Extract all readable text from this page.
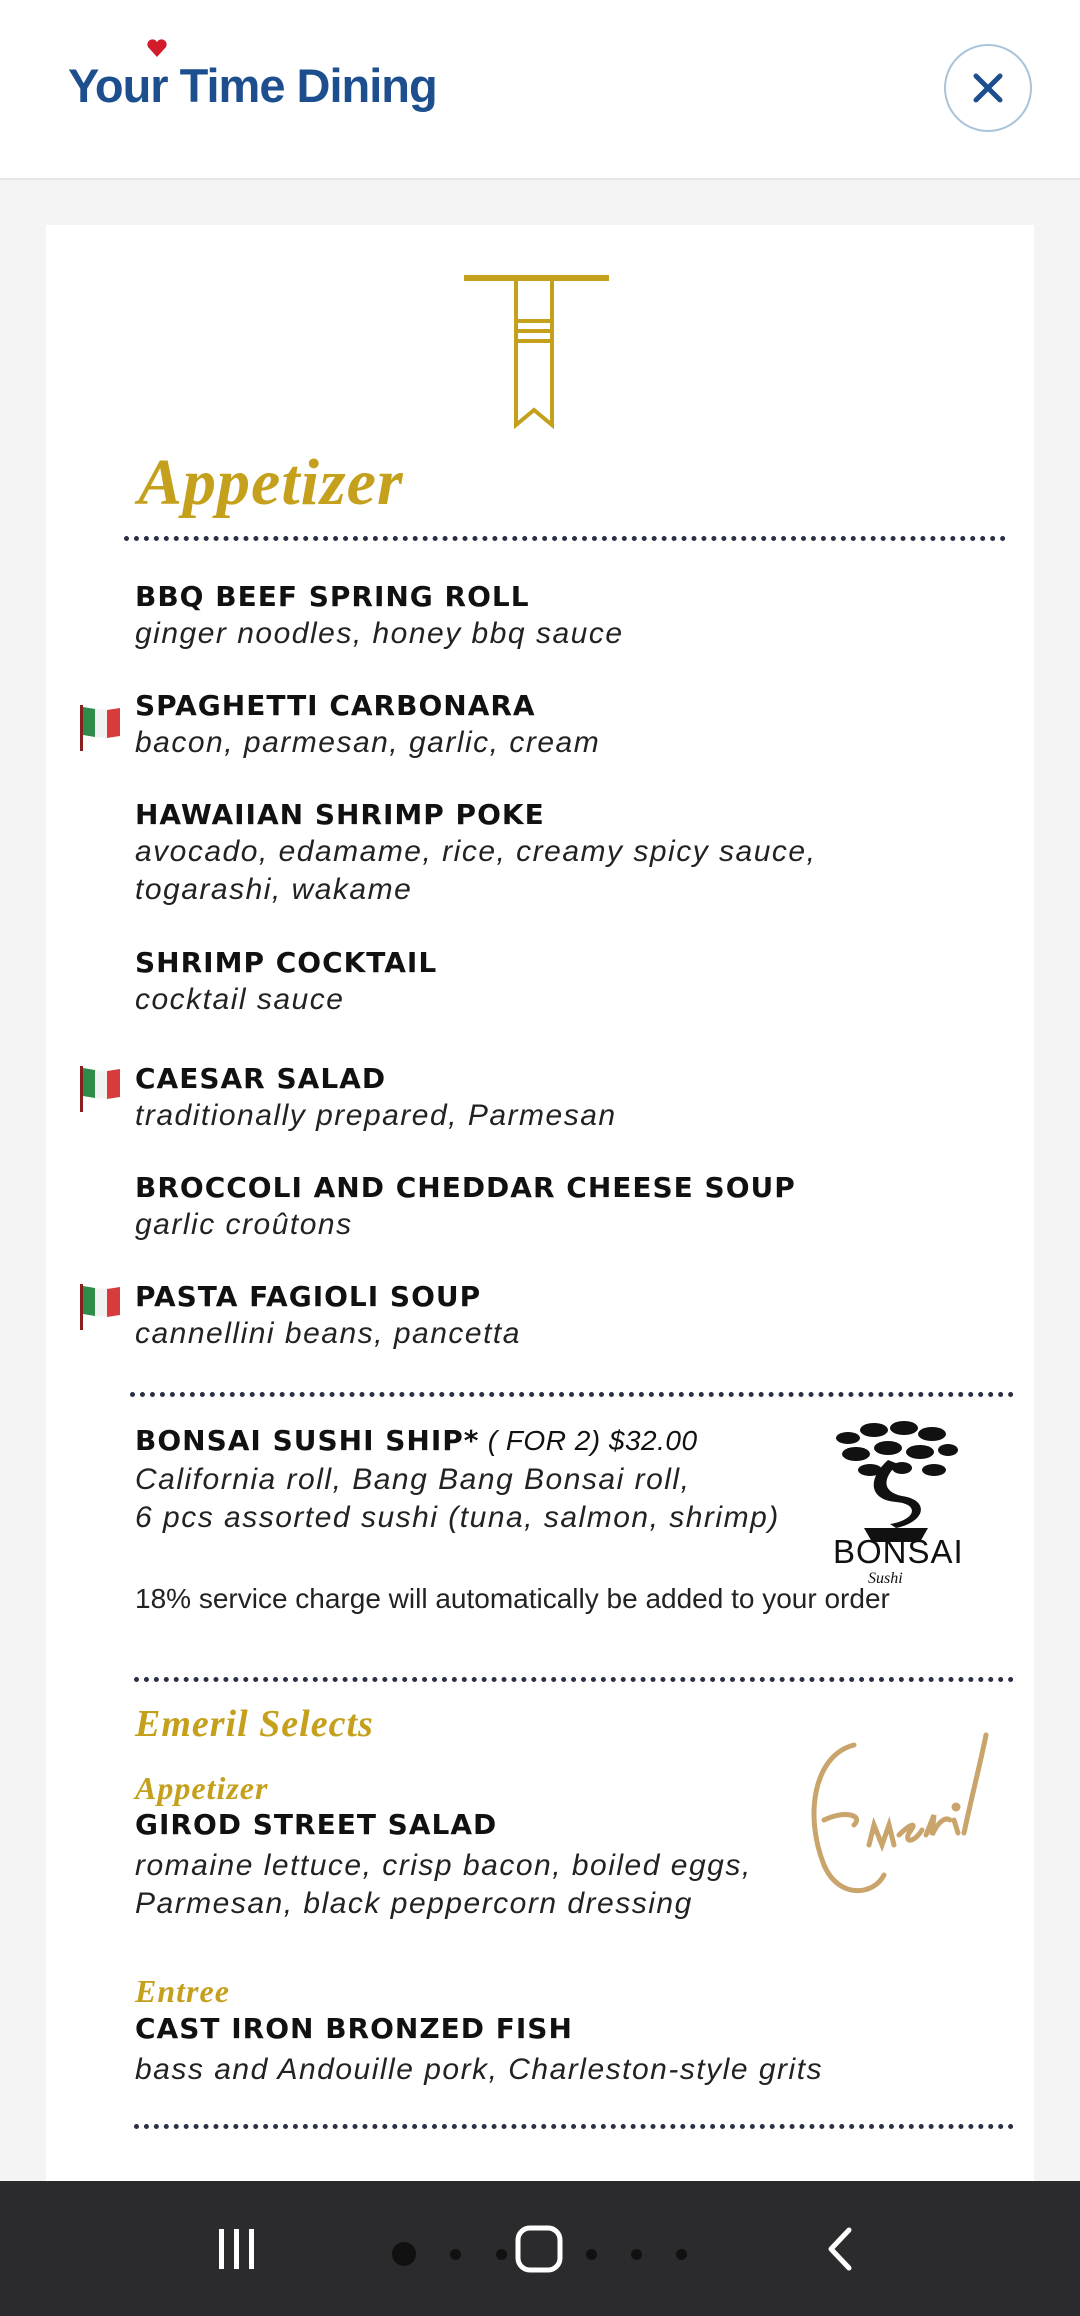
Your Time Dining
Appetizer
BBQ BEEF SPRING ROLL
ginger noodles, honey bbq sauce
SPAGHETTI CARBONARA
bacon, parmesan, garlic, cream
HAWAIIAN SHRIMP POKE
avocado, edamame, rice, creamy spicy sauce,
togarashi, wakame
SHRIMP COCKTAIL
cocktail sauce
CAESAR SALAD
traditionally prepared, Parmesan
BROCCOLI AND CHEDDAR CHEESE SOUP
garlic croûtons
PASTA FAGIOLI SOUP
cannellini beans, pancetta
BONSAI SUSHI SHIP* ( FOR 2) $32.00
California roll, Bang Bang Bonsai roll,
6 pcs assorted sushi (tuna, salmon, shrimp)
BONSAI
Sushi
18% service charge will automatically be added to your order
Emeril Selects
Appetizer
GIROD STREET SALAD
romaine lettuce, crisp bacon, boiled eggs,
Parmesan, black peppercorn dressing
Entree
CAST IRON BRONZED FISH
bass and Andouille pork, Charleston-style grits
